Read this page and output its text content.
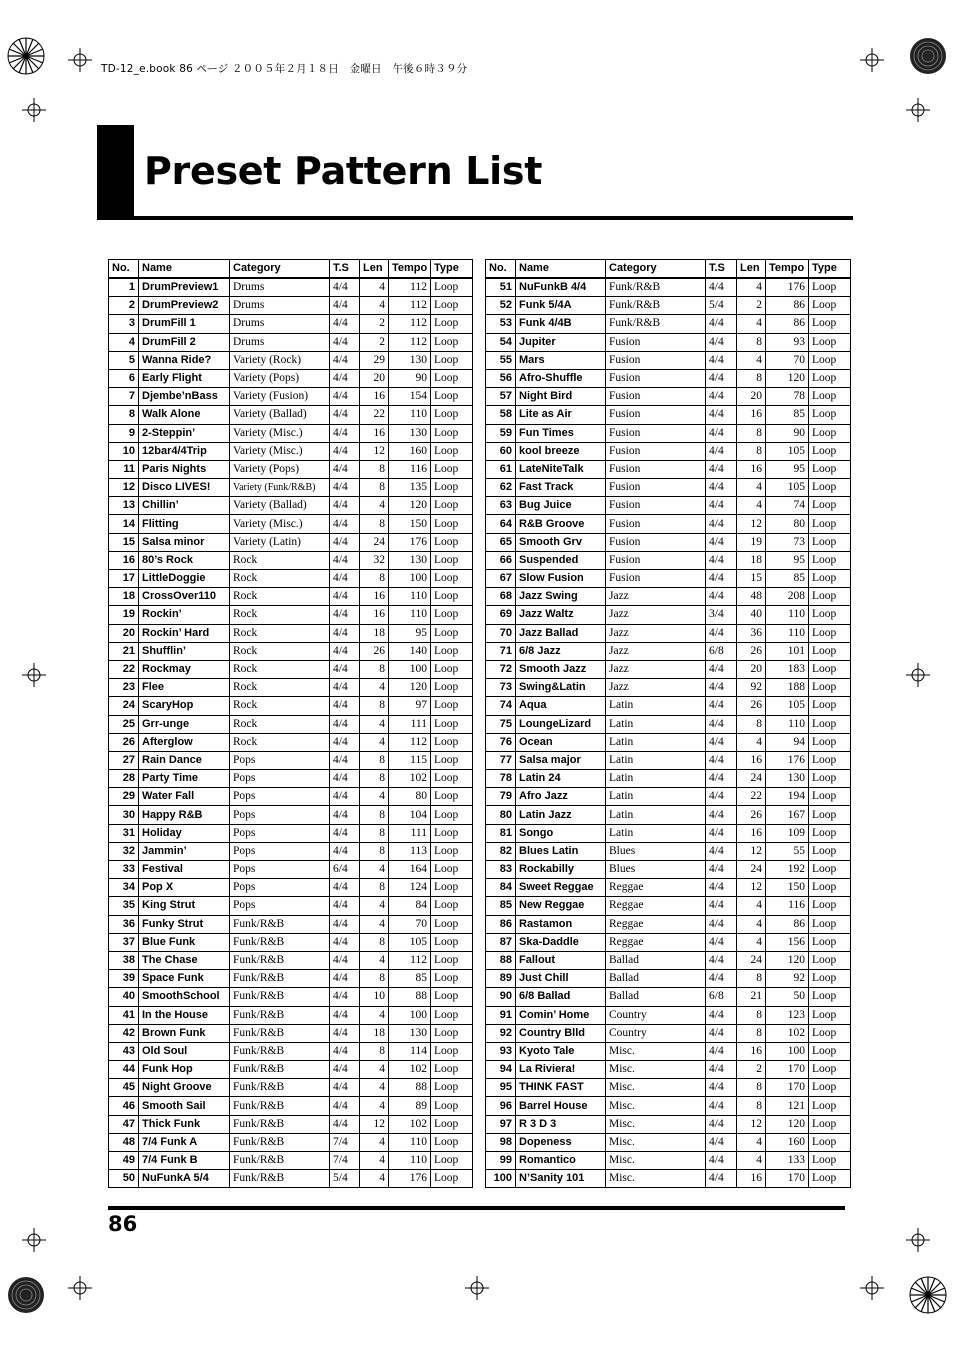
TD-12_e.book 86 ページ ２００５年２月１８日　金曜日　午後６時３９分
Preset Pattern List
No.	Name	Category	T.S	Len	Tempo	Type
1	DrumPreview1	Drums	4/4	4	112	Loop
2	DrumPreview2	Drums	4/4	4	112	Loop
3	DrumFill 1	Drums	4/4	2	112	Loop
4	DrumFill 2	Drums	4/4	2	112	Loop
5	Wanna Ride?	Variety (Rock)	4/4	29	130	Loop
6	Early Flight	Variety (Pops)	4/4	20	90	Loop
7	Djembe’nBass	Variety (Fusion)	4/4	16	154	Loop
8	Walk Alone	Variety (Ballad)	4/4	22	110	Loop
9	2-Steppin’	Variety (Misc.)	4/4	16	130	Loop
10	12bar4/4Trip	Variety (Misc.)	4/4	12	160	Loop
11	Paris Nights	Variety (Pops)	4/4	8	116	Loop
12	Disco LIVES!	Variety (Funk/R&B)	4/4	8	135	Loop
13	Chillin’	Variety (Ballad)	4/4	4	120	Loop
14	Flitting	Variety (Misc.)	4/4	8	150	Loop
15	Salsa minor	Variety (Latin)	4/4	24	176	Loop
16	80’s Rock	Rock	4/4	32	130	Loop
17	LittleDoggie	Rock	4/4	8	100	Loop
18	CrossOver110	Rock	4/4	16	110	Loop
19	Rockin’	Rock	4/4	16	110	Loop
20	Rockin’ Hard	Rock	4/4	18	95	Loop
21	Shufflin’	Rock	4/4	26	140	Loop
22	Rockmay	Rock	4/4	8	100	Loop
23	Flee	Rock	4/4	4	120	Loop
24	ScaryHop	Rock	4/4	8	97	Loop
25	Grr-unge	Rock	4/4	4	111	Loop
26	Afterglow	Rock	4/4	4	112	Loop
27	Rain Dance	Pops	4/4	8	115	Loop
28	Party Time	Pops	4/4	8	102	Loop
29	Water Fall	Pops	4/4	4	80	Loop
30	Happy R&B	Pops	4/4	8	104	Loop
31	Holiday	Pops	4/4	8	111	Loop
32	Jammin’	Pops	4/4	8	113	Loop
33	Festival	Pops	6/4	4	164	Loop
34	Pop X	Pops	4/4	8	124	Loop
35	King Strut	Pops	4/4	4	84	Loop
36	Funky Strut	Funk/R&B	4/4	4	70	Loop
37	Blue Funk	Funk/R&B	4/4	8	105	Loop
38	The Chase	Funk/R&B	4/4	4	112	Loop
39	Space Funk	Funk/R&B	4/4	8	85	Loop
40	SmoothSchool	Funk/R&B	4/4	10	88	Loop
41	In the House	Funk/R&B	4/4	4	100	Loop
42	Brown Funk	Funk/R&B	4/4	18	130	Loop
43	Old Soul	Funk/R&B	4/4	8	114	Loop
44	Funk Hop	Funk/R&B	4/4	4	102	Loop
45	Night Groove	Funk/R&B	4/4	4	88	Loop
46	Smooth Sail	Funk/R&B	4/4	4	89	Loop
47	Thick Funk	Funk/R&B	4/4	12	102	Loop
48	7/4 Funk A	Funk/R&B	7/4	4	110	Loop
49	7/4 Funk B	Funk/R&B	7/4	4	110	Loop
50	NuFunkA 5/4	Funk/R&B	5/4	4	176	Loop
No.	Name	Category	T.S	Len	Tempo	Type
51	NuFunkB 4/4	Funk/R&B	4/4	4	176	Loop
52	Funk 5/4A	Funk/R&B	5/4	2	86	Loop
53	Funk 4/4B	Funk/R&B	4/4	4	86	Loop
54	Jupiter	Fusion	4/4	8	93	Loop
55	Mars	Fusion	4/4	4	70	Loop
56	Afro-Shuffle	Fusion	4/4	8	120	Loop
57	Night Bird	Fusion	4/4	20	78	Loop
58	Lite as Air	Fusion	4/4	16	85	Loop
59	Fun Times	Fusion	4/4	8	90	Loop
60	kool breeze	Fusion	4/4	8	105	Loop
61	LateNiteTalk	Fusion	4/4	16	95	Loop
62	Fast Track	Fusion	4/4	4	105	Loop
63	Bug Juice	Fusion	4/4	4	74	Loop
64	R&B Groove	Fusion	4/4	12	80	Loop
65	Smooth Grv	Fusion	4/4	19	73	Loop
66	Suspended	Fusion	4/4	18	95	Loop
67	Slow Fusion	Fusion	4/4	15	85	Loop
68	Jazz Swing	Jazz	4/4	48	208	Loop
69	Jazz Waltz	Jazz	3/4	40	110	Loop
70	Jazz Ballad	Jazz	4/4	36	110	Loop
71	6/8 Jazz	Jazz	6/8	26	101	Loop
72	Smooth Jazz	Jazz	4/4	20	183	Loop
73	Swing&Latin	Jazz	4/4	92	188	Loop
74	Aqua	Latin	4/4	26	105	Loop
75	LoungeLizard	Latin	4/4	8	110	Loop
76	Ocean	Latin	4/4	4	94	Loop
77	Salsa major	Latin	4/4	16	176	Loop
78	Latin 24	Latin	4/4	24	130	Loop
79	Afro Jazz	Latin	4/4	22	194	Loop
80	Latin Jazz	Latin	4/4	26	167	Loop
81	Songo	Latin	4/4	16	109	Loop
82	Blues Latin	Blues	4/4	12	55	Loop
83	Rockabilly	Blues	4/4	24	192	Loop
84	Sweet Reggae	Reggae	4/4	12	150	Loop
85	New Reggae	Reggae	4/4	4	116	Loop
86	Rastamon	Reggae	4/4	4	86	Loop
87	Ska-Daddle	Reggae	4/4	4	156	Loop
88	Fallout	Ballad	4/4	24	120	Loop
89	Just Chill	Ballad	4/4	8	92	Loop
90	6/8 Ballad	Ballad	6/8	21	50	Loop
91	Comin’ Home	Country	4/4	8	123	Loop
92	Country Blld	Country	4/4	8	102	Loop
93	Kyoto Tale	Misc.	4/4	16	100	Loop
94	La Riviera!	Misc.	4/4	2	170	Loop
95	THINK FAST	Misc.	4/4	8	170	Loop
96	Barrel House	Misc.	4/4	8	121	Loop
97	R 3 D 3	Misc.	4/4	12	120	Loop
98	Dopeness	Misc.	4/4	4	160	Loop
99	Romantico	Misc.	4/4	4	133	Loop
100	N’Sanity 101	Misc.	4/4	16	170	Loop
86
